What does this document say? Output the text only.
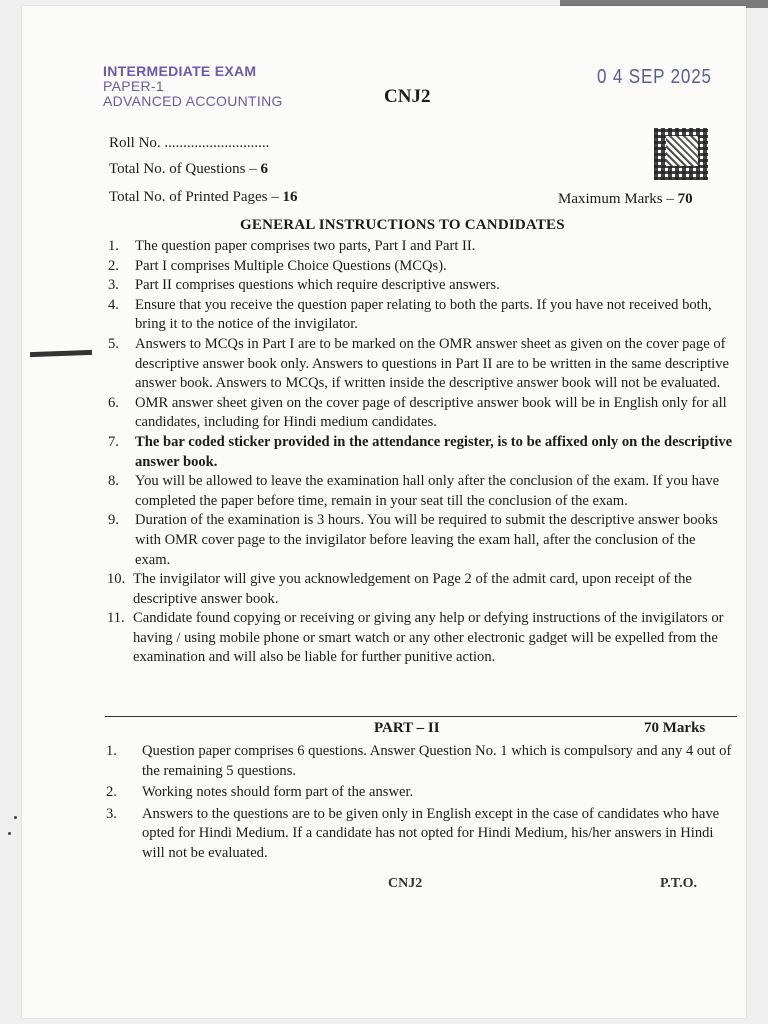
INTERMEDIATE EXAM
PAPER-1
ADVANCED ACCOUNTING
0 4 SEP 2025
CNJ2
Roll No. ............................
Total No. of Questions – 6
Total No. of Printed Pages – 16	Maximum Marks – 70
GENERAL INSTRUCTIONS TO CANDIDATES
1. The question paper comprises two parts, Part I and Part II.
2. Part I comprises Multiple Choice Questions (MCQs).
3. Part II comprises questions which require descriptive answers.
4. Ensure that you receive the question paper relating to both the parts. If you have not received both, bring it to the notice of the invigilator.
5. Answers to MCQs in Part I are to be marked on the OMR answer sheet as given on the cover page of descriptive answer book only. Answers to questions in Part II are to be written in the same descriptive answer book. Answers to MCQs, if written inside the descriptive answer book will not be evaluated.
6. OMR answer sheet given on the cover page of descriptive answer book will be in English only for all candidates, including for Hindi medium candidates.
7. The bar coded sticker provided in the attendance register, is to be affixed only on the descriptive answer book.
8. You will be allowed to leave the examination hall only after the conclusion of the exam. If you have completed the paper before time, remain in your seat till the conclusion of the exam.
9. Duration of the examination is 3 hours. You will be required to submit the descriptive answer books with OMR cover page to the invigilator before leaving the exam hall, after the conclusion of the exam.
10. The invigilator will give you acknowledgement on Page 2 of the admit card, upon receipt of the descriptive answer book.
11. Candidate found copying or receiving or giving any help or defying instructions of the invigilators or having / using mobile phone or smart watch or any other electronic gadget will be expelled from the examination and will also be liable for further punitive action.
PART – II	70 Marks
1. Question paper comprises 6 questions. Answer Question No. 1 which is compulsory and any 4 out of the remaining 5 questions.
2. Working notes should form part of the answer.
3. Answers to the questions are to be given only in English except in the case of candidates who have opted for Hindi Medium. If a candidate has not opted for Hindi Medium, his/her answers in Hindi will not be evaluated.
CNJ2	P.T.O.
